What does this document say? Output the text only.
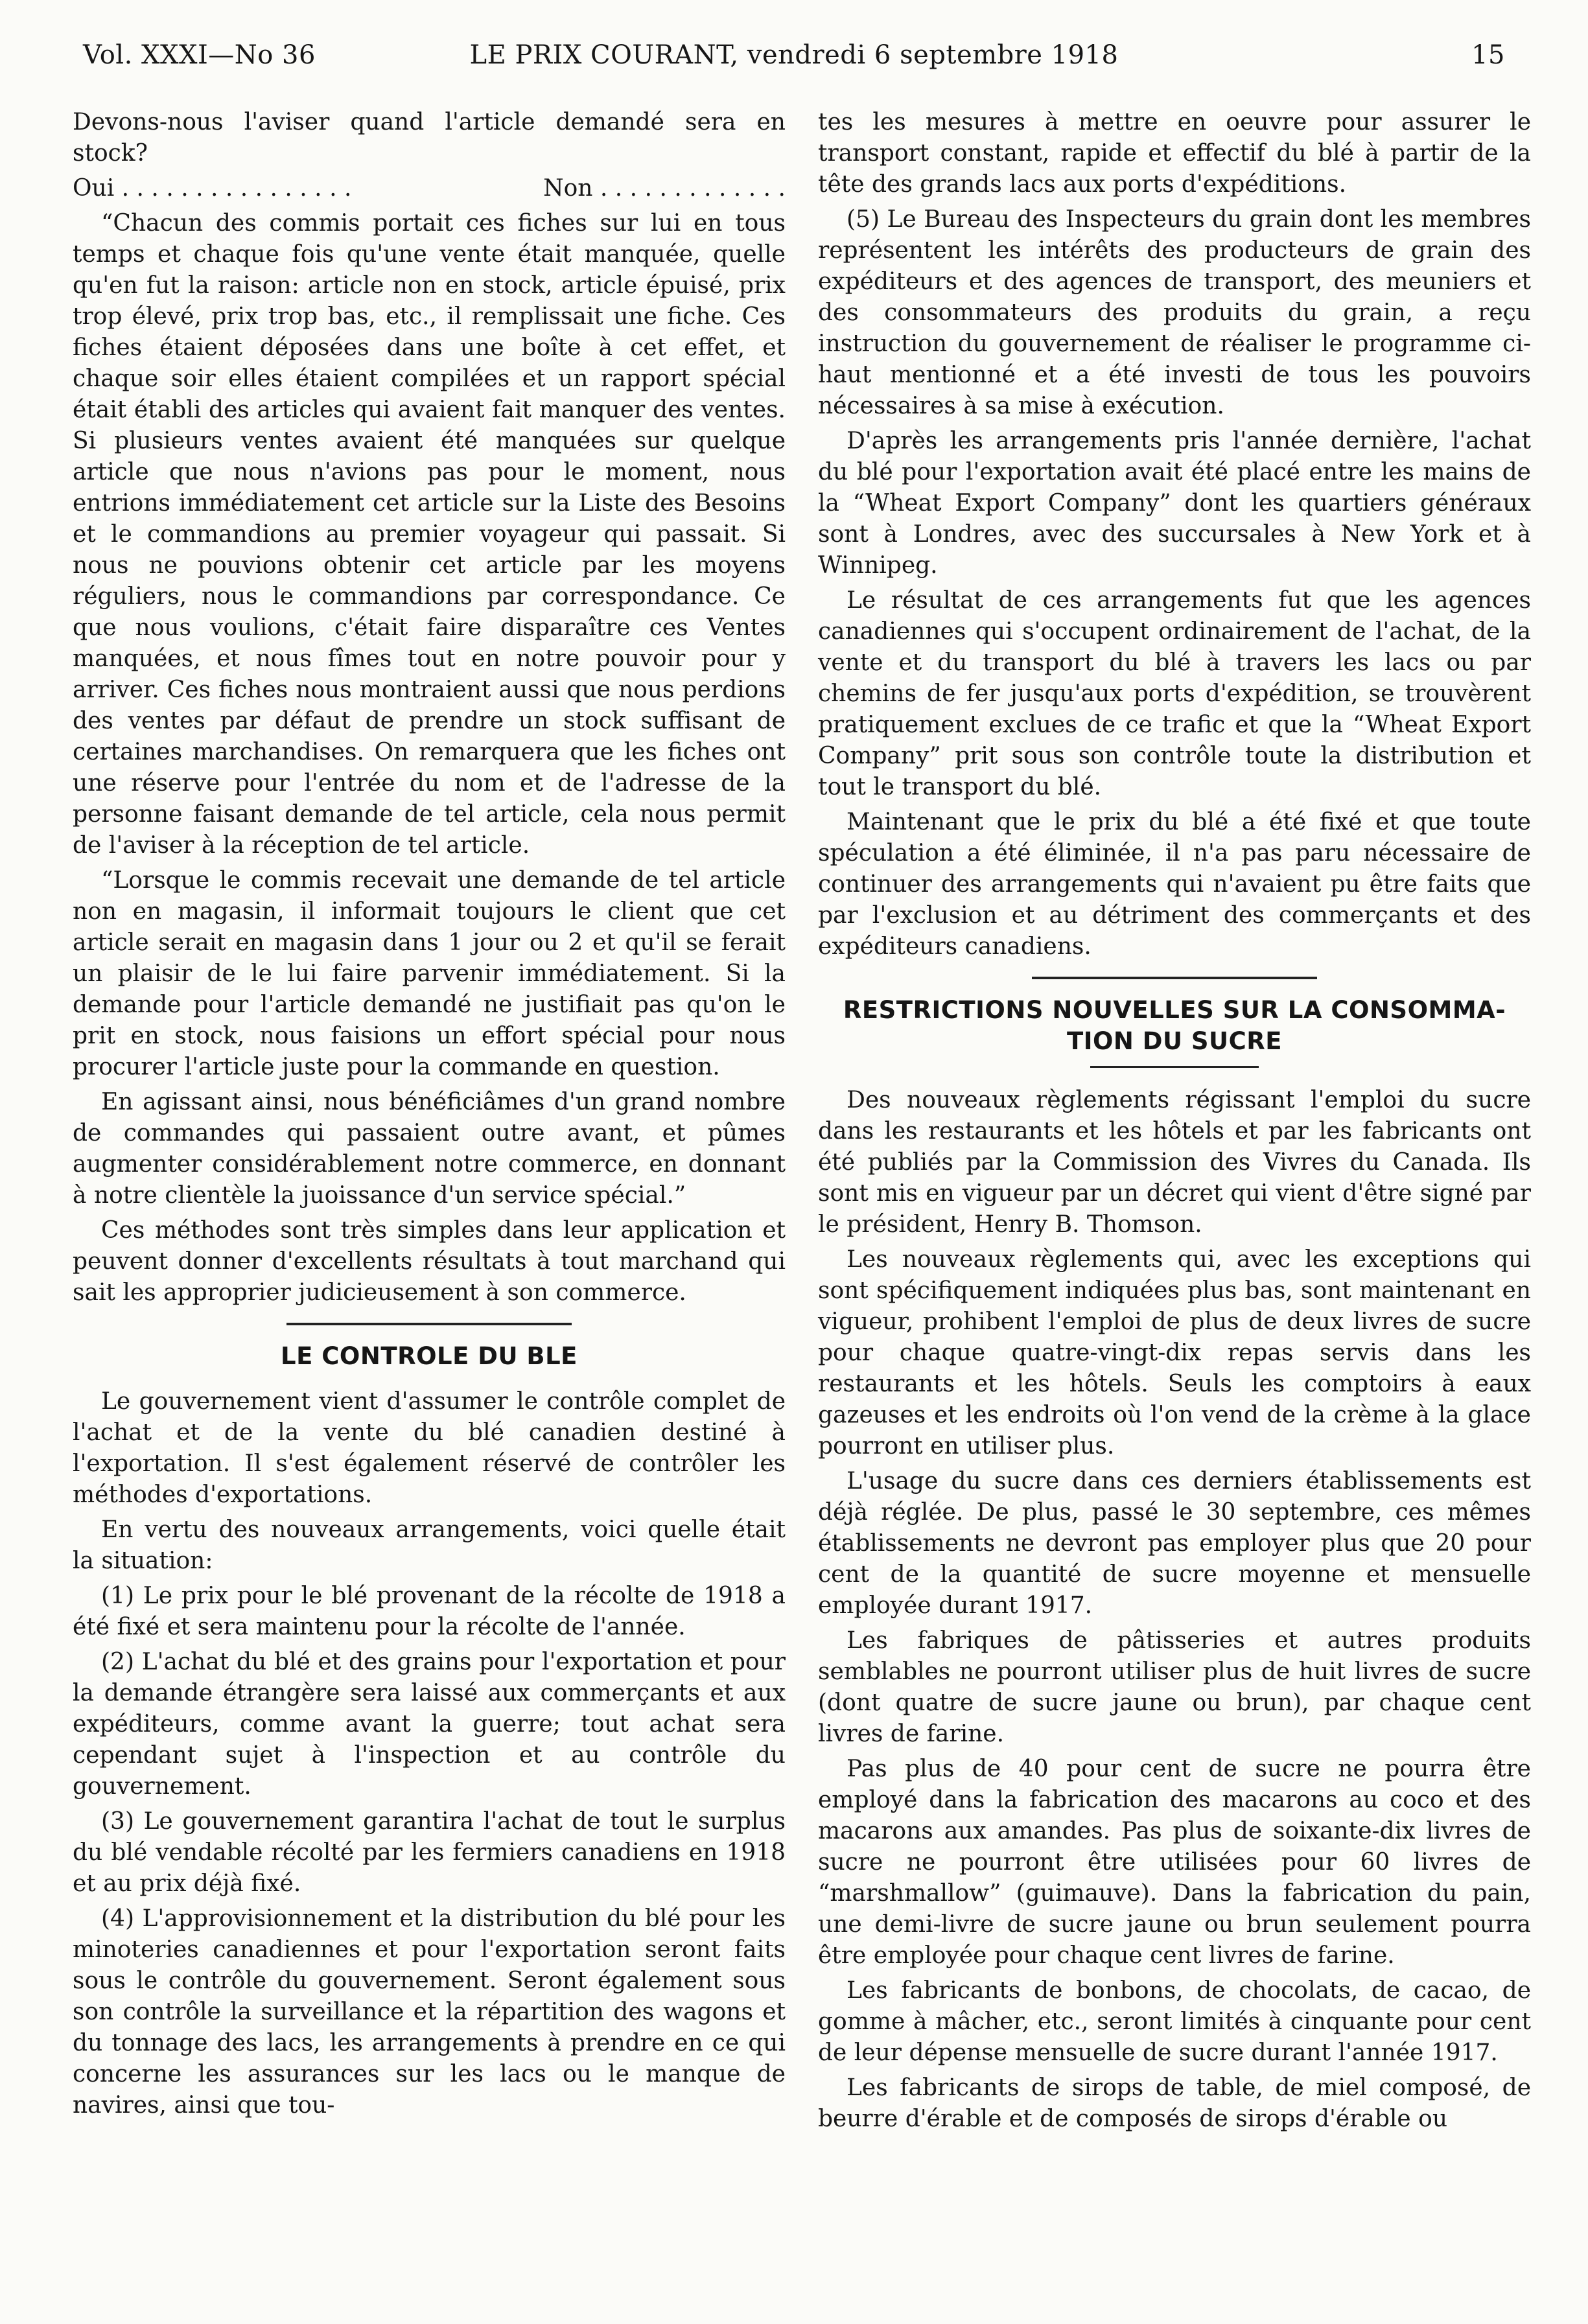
Vol. XXXI—No 36	LE PRIX COURANT, vendredi 6 septembre 1918	15

Devons-nous l'aviser quand l'article demandé sera en stock?

Oui . . . . . . . . . . . . . . . .	Non . . . . . . . . . . . . .

“Chacun des commis portait ces fiches sur lui en tous temps et chaque fois qu'une vente était manquée, quelle qu'en fut la raison: article non en stock, article épuisé, prix trop élevé, prix trop bas, etc., il remplissait une fiche. Ces fiches étaient déposées dans une boîte à cet effet, et chaque soir elles étaient compilées et un rapport spécial était établi des articles qui avaient fait manquer des ventes. Si plusieurs ventes avaient été manquées sur quelque article que nous n'avions pas pour le moment, nous entrions immédiatement cet article sur la Liste des Besoins et le commandions au premier voyageur qui passait. Si nous ne pouvions obtenir cet article par les moyens réguliers, nous le commandions par correspondance. Ce que nous voulions, c'était faire disparaître ces Ventes manquées, et nous fîmes tout en notre pouvoir pour y arriver. Ces fiches nous montraient aussi que nous perdions des ventes par défaut de prendre un stock suffisant de certaines marchandises. On remarquera que les fiches ont une réserve pour l'entrée du nom et de l'adresse de la personne faisant demande de tel article, cela nous permit de l'aviser à la réception de tel article.

“Lorsque le commis recevait une demande de tel article non en magasin, il informait toujours le client que cet article serait en magasin dans 1 jour ou 2 et qu'il se ferait un plaisir de le lui faire parvenir immédiatement. Si la demande pour l'article demandé ne justifiait pas qu'on le prit en stock, nous faisions un effort spécial pour nous procurer l'article juste pour la commande en question.

En agissant ainsi, nous bénéficiâmes d'un grand nombre de commandes qui passaient outre avant, et pûmes augmenter considérablement notre commerce, en donnant à notre clientèle la juoissance d'un service spécial.”

Ces méthodes sont très simples dans leur application et peuvent donner d'excellents résultats à tout marchand qui sait les approprier judicieusement à son commerce.

LE CONTROLE DU BLE

Le gouvernement vient d'assumer le contrôle complet de l'achat et de la vente du blé canadien destiné à l'exportation. Il s'est également réservé de contrôler les méthodes d'exportations.

En vertu des nouveaux arrangements, voici quelle était la situation:

(1) Le prix pour le blé provenant de la récolte de 1918 a été fixé et sera maintenu pour la récolte de l'année.

(2) L'achat du blé et des grains pour l'exportation et pour la demande étrangère sera laissé aux commerçants et aux expéditeurs, comme avant la guerre; tout achat sera cependant sujet à l'inspection et au contrôle du gouvernement.

(3) Le gouvernement garantira l'achat de tout le surplus du blé vendable récolté par les fermiers canadiens en 1918 et au prix déjà fixé.

(4) L'approvisionnement et la distribution du blé pour les minoteries canadiennes et pour l'exportation seront faits sous le contrôle du gouvernement. Seront également sous son contrôle la surveillance et la répartition des wagons et du tonnage des lacs, les arrangements à prendre en ce qui concerne les assurances sur les lacs ou le manque de navires, ainsi que tou-

tes les mesures à mettre en oeuvre pour assurer le transport constant, rapide et effectif du blé à partir de la tête des grands lacs aux ports d'expéditions.

(5) Le Bureau des Inspecteurs du grain dont les membres représentent les intérêts des producteurs de grain des expéditeurs et des agences de transport, des meuniers et des consommateurs des produits du grain, a reçu instruction du gouvernement de réaliser le programme ci-haut mentionné et a été investi de tous les pouvoirs nécessaires à sa mise à exécution.

D'après les arrangements pris l'année dernière, l'achat du blé pour l'exportation avait été placé entre les mains de la “Wheat Export Company” dont les quartiers généraux sont à Londres, avec des succursales à New York et à Winnipeg.

Le résultat de ces arrangements fut que les agences canadiennes qui s'occupent ordinairement de l'achat, de la vente et du transport du blé à travers les lacs ou par chemins de fer jusqu'aux ports d'expédition, se trouvèrent pratiquement exclues de ce trafic et que la “Wheat Export Company” prit sous son contrôle toute la distribution et tout le transport du blé.

Maintenant que le prix du blé a été fixé et que toute spéculation a été éliminée, il n'a pas paru nécessaire de continuer des arrangements qui n'avaient pu être faits que par l'exclusion et au détriment des commerçants et des expéditeurs canadiens.

RESTRICTIONS NOUVELLES SUR LA CONSOMMA-
TION DU SUCRE

Des nouveaux règlements régissant l'emploi du sucre dans les restaurants et les hôtels et par les fabricants ont été publiés par la Commission des Vivres du Canada. Ils sont mis en vigueur par un décret qui vient d'être signé par le président, Henry B. Thomson.

Les nouveaux règlements qui, avec les exceptions qui sont spécifiquement indiquées plus bas, sont maintenant en vigueur, prohibent l'emploi de plus de deux livres de sucre pour chaque quatre-vingt-dix repas servis dans les restaurants et les hôtels. Seuls les comptoirs à eaux gazeuses et les endroits où l'on vend de la crème à la glace pourront en utiliser plus.

L'usage du sucre dans ces derniers établissements est déjà réglée. De plus, passé le 30 septembre, ces mêmes établissements ne devront pas employer plus que 20 pour cent de la quantité de sucre moyenne et mensuelle employée durant 1917.

Les fabriques de pâtisseries et autres produits semblables ne pourront utiliser plus de huit livres de sucre (dont quatre de sucre jaune ou brun), par chaque cent livres de farine.

Pas plus de 40 pour cent de sucre ne pourra être employé dans la fabrication des macarons au coco et des macarons aux amandes. Pas plus de soixante-dix livres de sucre ne pourront être utilisées pour 60 livres de “marshmallow” (guimauve). Dans la fabrication du pain, une demi-livre de sucre jaune ou brun seulement pourra être employée pour chaque cent livres de farine.

Les fabricants de bonbons, de chocolats, de cacao, de gomme à mâcher, etc., seront limités à cinquante pour cent de leur dépense mensuelle de sucre durant l'année 1917.

Les fabricants de sirops de table, de miel composé, de beurre d'érable et de composés de sirops d'érable ou
